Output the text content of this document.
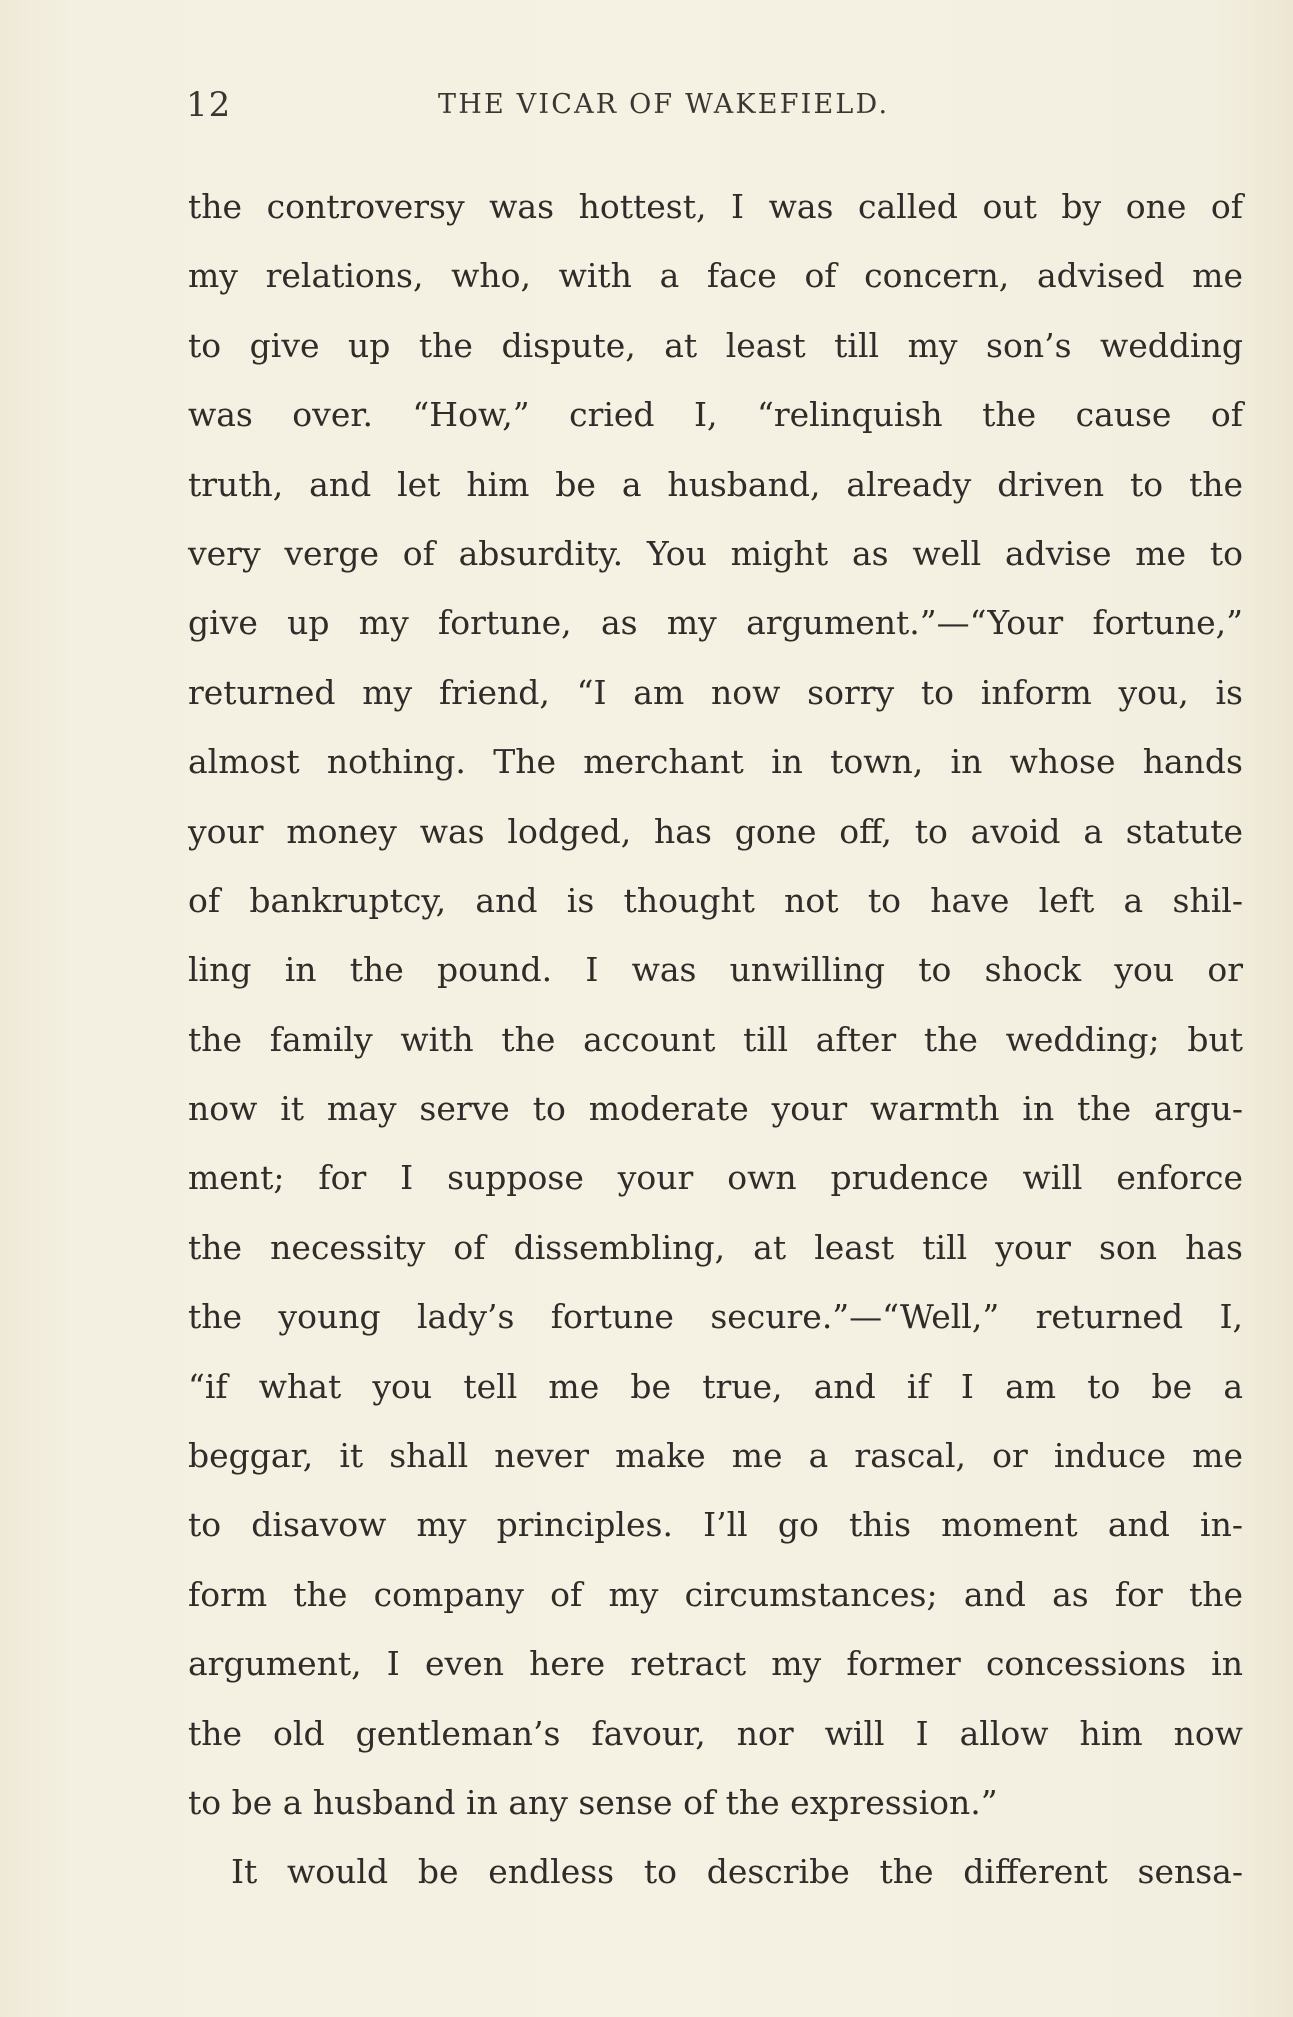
12	THE VICAR OF WAKEFIELD.
the controversy was hottest, I was called out by one of
my relations, who, with a face of concern, advised me
to give up the dispute, at least till my son’s wedding
was over. “How,” cried I, “relinquish the cause of
truth, and let him be a husband, already driven to the
very verge of absurdity. You might as well advise me to
give up my fortune, as my argument.”—“Your fortune,”
returned my friend, “I am now sorry to inform you, is
almost nothing. The merchant in town, in whose hands
your money was lodged, has gone off, to avoid a statute
of bankruptcy, and is thought not to have left a shil-
ling in the pound. I was unwilling to shock you or
the family with the account till after the wedding; but
now it may serve to moderate your warmth in the argu-
ment; for I suppose your own prudence will enforce
the necessity of dissembling, at least till your son has
the young lady’s fortune secure.”—“Well,” returned I,
“if what you tell me be true, and if I am to be a
beggar, it shall never make me a rascal, or induce me
to disavow my principles. I’ll go this moment and in-
form the company of my circumstances; and as for the
argument, I even here retract my former concessions in
the old gentleman’s favour, nor will I allow him now
to be a husband in any sense of the expression.”
It would be endless to describe the different sensa-
